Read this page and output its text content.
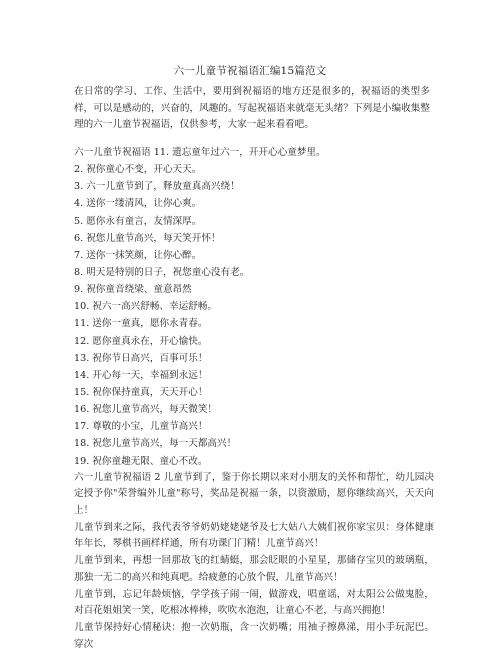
六一儿童节祝福语汇编15篇范文

在日常的学习、工作、生活中，要用到祝福语的地方还是很多的，祝福语的类型多样，可以是感动的，兴奋的，风趣的。写起祝福语来就毫无头绪？下列是小编收集整理的六一儿童节祝福语，仅供参考，大家一起来看看吧。

六一儿童节祝福语 11. 遗忘童年过六一，开开心心童梦里。
2. 祝你童心不变，开心天天。
3. 六一儿童节到了，释放童真高兴绕！
4. 送你一缕清风，让你心爽。
5. 愿你永有童言，友情深厚。
6. 祝您儿童节高兴，每天笑开怀！
7. 送你一抹笑颜，让你心醉。
8. 明天是特别的日子，祝您童心没有老。
9. 祝你童音绕梁、童意昂然
10. 祝六一高兴舒畅、幸运舒畅。
11. 送你一童真，愿你永青春。
12. 愿你童真永在，开心愉快。
13. 祝你节日高兴，百事可乐！
14. 开心每一天，幸福到永远！
15. 祝你保持童真，天天开心！
16. 祝您儿童节高兴，每天微笑！
17. 尊敬的小宝，儿童节高兴！
18. 祝您儿童节高兴，每一天都高兴！
19. 祝你童趣无限、童心不改。

六一儿童节祝福语 2 儿童节到了，鉴于你长期以来对小朋友的关怀和帮忙，幼儿园决定授予你"荣誉编外儿童"称号，奖品是祝福一条，以资激励，愿你继续高兴，天天向上！

儿童节到来之际，我代表爷爷奶奶姥姥姥爷及七大姑八大姨们祝你家宝贝：身体健康年年长，琴棋书画样样通，所有功课门门精！儿童节高兴！

儿童节到来，再想一回那故飞的红蜻蜓，那会眨眼的小星星，那储存宝贝的玻璃瓶，那独一无二的高兴和纯真吧。给疲惫的心放个假，儿童节高兴！

儿童节到，忘记年龄烦恼，学学孩子闹一闹，做游戏，唱童谣，对太阳公公做鬼脸，对百花姐姐笑一笑，吃根冰棒棒，吹吹水泡泡，让童心不老，与高兴拥抱！

儿童节保持好心情秘诀：抱一次奶瓶，含一次奶嘴；用袖子擦鼻涕，用小手玩泥巴。穿次
